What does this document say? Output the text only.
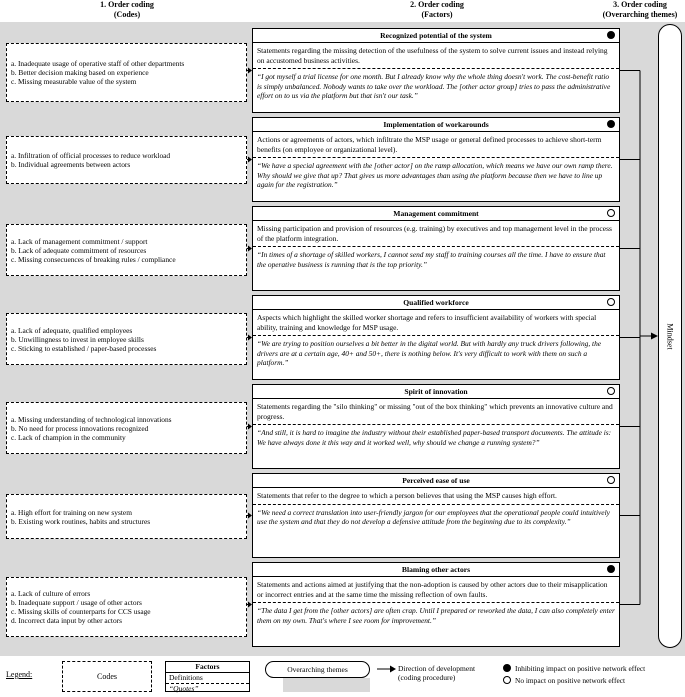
1. Order coding
(Codes)
2. Order coding
(Factors)
3. Order coding
(Overarching themes)
a. Inadequate usage of operative staff of other departments
b. Better decision making based on experience
c. Missing measurable value of the system
Recognized potential of the system
Statements regarding the missing detection of the usefulness of the system to solve current issues and instead relying on accustomed business activities.
“I got myself a trial license for one month. But I already know why the whole thing doesn't work. The cost-benefit ratio is simply unbalanced. Nobody wants to take over the workload. The [other actor group] tries to pass the administrative effort on to us via the platform but that isn't our task.”
a. Infiltration of official processes to reduce workload
b. Individual agreements between actors
Implementation of workarounds
Actions or agreements of actors, which infiltrate the MSP usage or general defined processes to achieve short-term benefits (on employee or organizational level).
“We have a special agreement with the [other actor] on the ramp allocation, which means we have our own ramp there. Why should we give that up? That gives us more advantages than using the platform because then we have to line up again for the registration.”
a. Lack of management commitment / support
b. Lack of adequate commitment of resources
c. Missing consecuences of breaking rules / compliance
Management commitment
Missing participation and provision of resources (e.g. training) by executives and top management level in the process of the platform integration.
“In times of a shortage of skilled workers, I cannot send my staff to training courses all the time. I have to ensure that the operative business is running that is the top priority.”
a. Lack of adequate, qualified employees
b. Unwillingness to invest in employee skills
c. Sticking to established / paper-based processes
Qualified workforce
Aspects which highlight the skilled worker shortage and refers to insufficient availability of workers with special ability, training and knowledge for MSP usage.
“We are trying to position ourselves a bit better in the digital world. But with hardly any truck drivers following, the drivers are at a certain age, 40+ and 50+, there is nothing below. It's very difficult to work with them on such a platform.”
a. Missing understanding of technological innovations
b. No need for process innovations recognized
c. Lack of champion in the community
Spirit of innovation
Statements regarding the "silo thinking" or missing "out of the box thinking" which prevents an innovative culture and progress.
“And still, it is hard to imagine the industry without their established paper-based transport documents. The attitude is: We have always done it this way and it worked well, why should we change a running system?”
a. High effort for training on new system
b. Existing work routines, habits and structures
Perceived ease of use
Statements that refer to the degree to which a person believes that using the MSP causes high effort.
“We need a correct translation into user-friendly jargon for our employees that the operational people could intuitively use the system and that they do not develop a defensive attitude from the beginning due to its complexity.”
a. Lack of culture of errors
b. Inadequate support / usage of other actors
c. Missing skills of counterparts for CCS usage
d. Incorrect data input by other actors
Blaming other actors
Statements and actions aimed at justifying that the non-adoption is caused by other actors due to their misapplication or incorrect entries and at the same time the missing reflection of own faults.
“The data I get from the [other actors] are often crap. Until I prepared or reworked the data, I can also completely enter them on my own. That's where I see room for improvement.”
Mindset
Legend:	Codes
Factors
Definitions
“Quotes”
Overarching themes	Direction of development
(coding procedure)
Inhibiting impact on positive network effect
No impact on positive network effect
